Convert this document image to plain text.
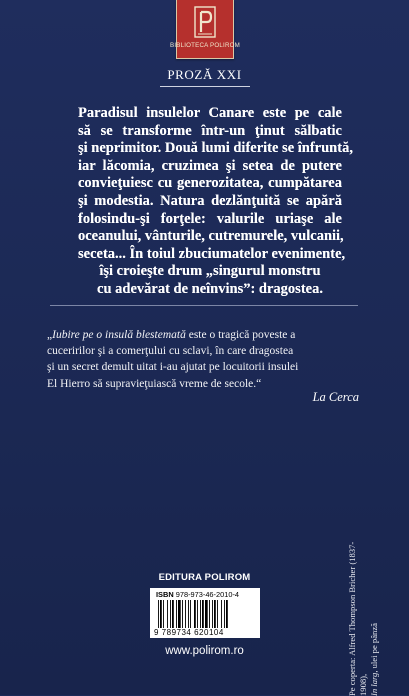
BIBLIOTECA POLIROM
PROZĂ XXI
Paradisul insulelor Canare este pe cale
să se transforme într-un ţinut sălbatic
şi neprimitor. Două lumi diferite se înfruntă,
iar lăcomia, cruzimea şi setea de putere
convieţuiesc cu generozitatea, cumpătarea
şi modestia. Natura dezlănţuită se apără
folosindu-şi forţele: valurile uriaşe ale
oceanului, vânturile, cutremurele, vulcanii,
seceta... În toiul zbuciumatelor evenimente,
îşi croieşte drum „singurul monstru
cu adevărat de neînvins”: dragostea.
„Iubire pe o insulă blestemată este o tragică poveste a
cuceririlor şi a comerţului cu sclavi, în care dragostea
şi un secret demult uitat i-au ajutat pe locuitorii insulei
El Hierro să supravieţuiască vreme de secole.“
La Cerca
Pe coperta: Alfred Thompson Bricher (1837-1908), In larg, ulei pe pânză
EDITURA POLIROM
ISBN 978-973-46-2010-4
9 789734 620104
www.polirom.ro
